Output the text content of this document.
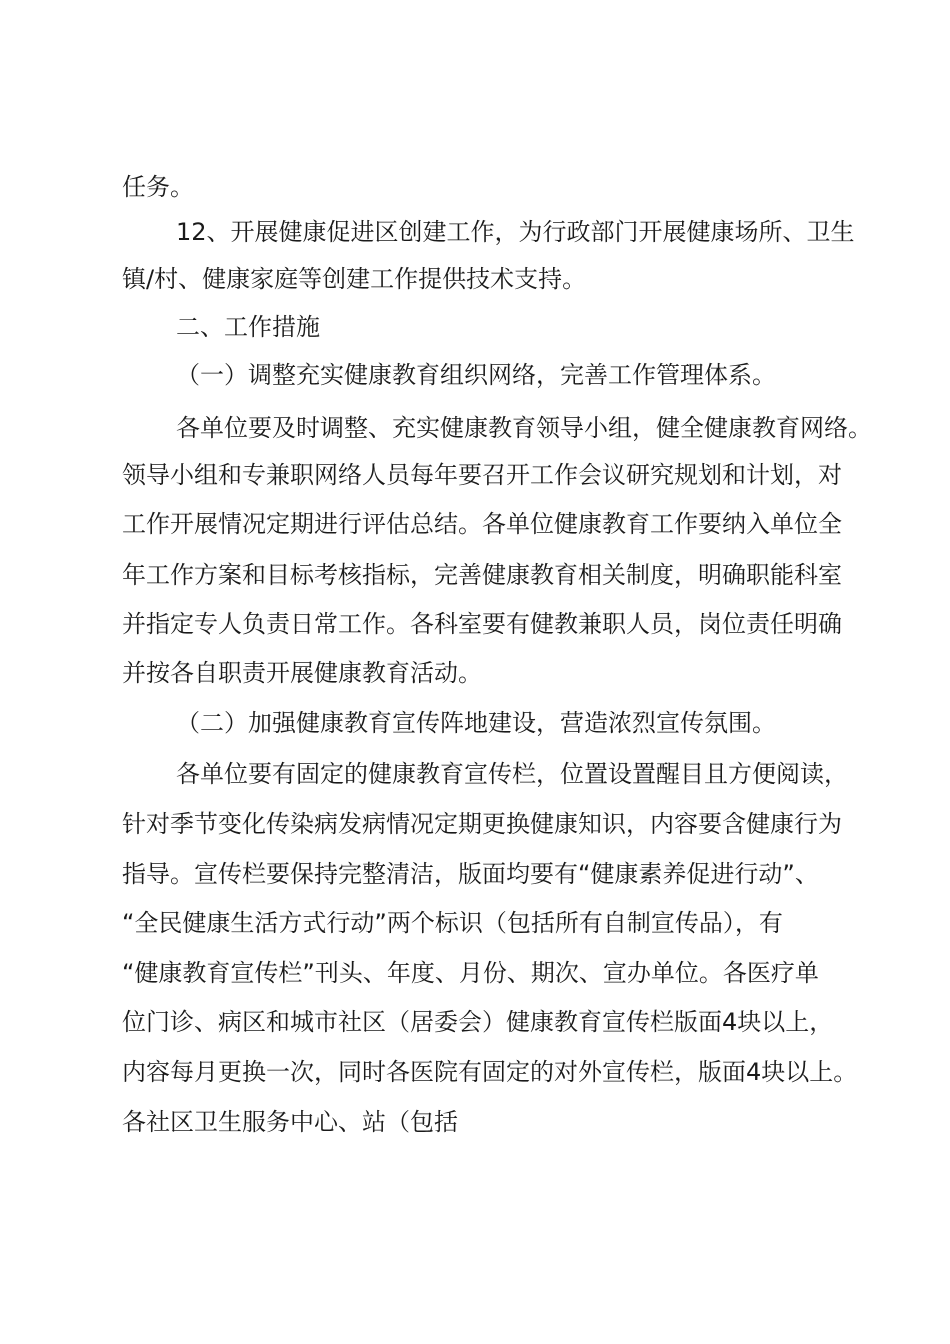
任务。
12、开展健康促进区创建工作，为行政部门开展健康场所、卫生
镇/村、健康家庭等创建工作提供技术支持。
二、工作措施
（一）调整充实健康教育组织网络，完善工作管理体系。
各单位要及时调整、充实健康教育领导小组，健全健康教育网络。
领导小组和专兼职网络人员每年要召开工作会议研究规划和计划，对
工作开展情况定期进行评估总结。各单位健康教育工作要纳入单位全
年工作方案和目标考核指标，完善健康教育相关制度，明确职能科室
并指定专人负责日常工作。各科室要有健教兼职人员，岗位责任明确
并按各自职责开展健康教育活动。
（二）加强健康教育宣传阵地建设，营造浓烈宣传氛围。
各单位要有固定的健康教育宣传栏，位置设置醒目且方便阅读，
针对季节变化传染病发病情况定期更换健康知识，内容要含健康行为
指导。宣传栏要保持完整清洁，版面均要有“健康素养促进行动”、
“全民健康生活方式行动”两个标识（包括所有自制宣传品），有
“健康教育宣传栏”刊头、年度、月份、期次、宣办单位。各医疗单
位门诊、病区和城市社区（居委会）健康教育宣传栏版面4块以上，
内容每月更换一次，同时各医院有固定的对外宣传栏，版面4块以上。
各社区卫生服务中心、站（包括
